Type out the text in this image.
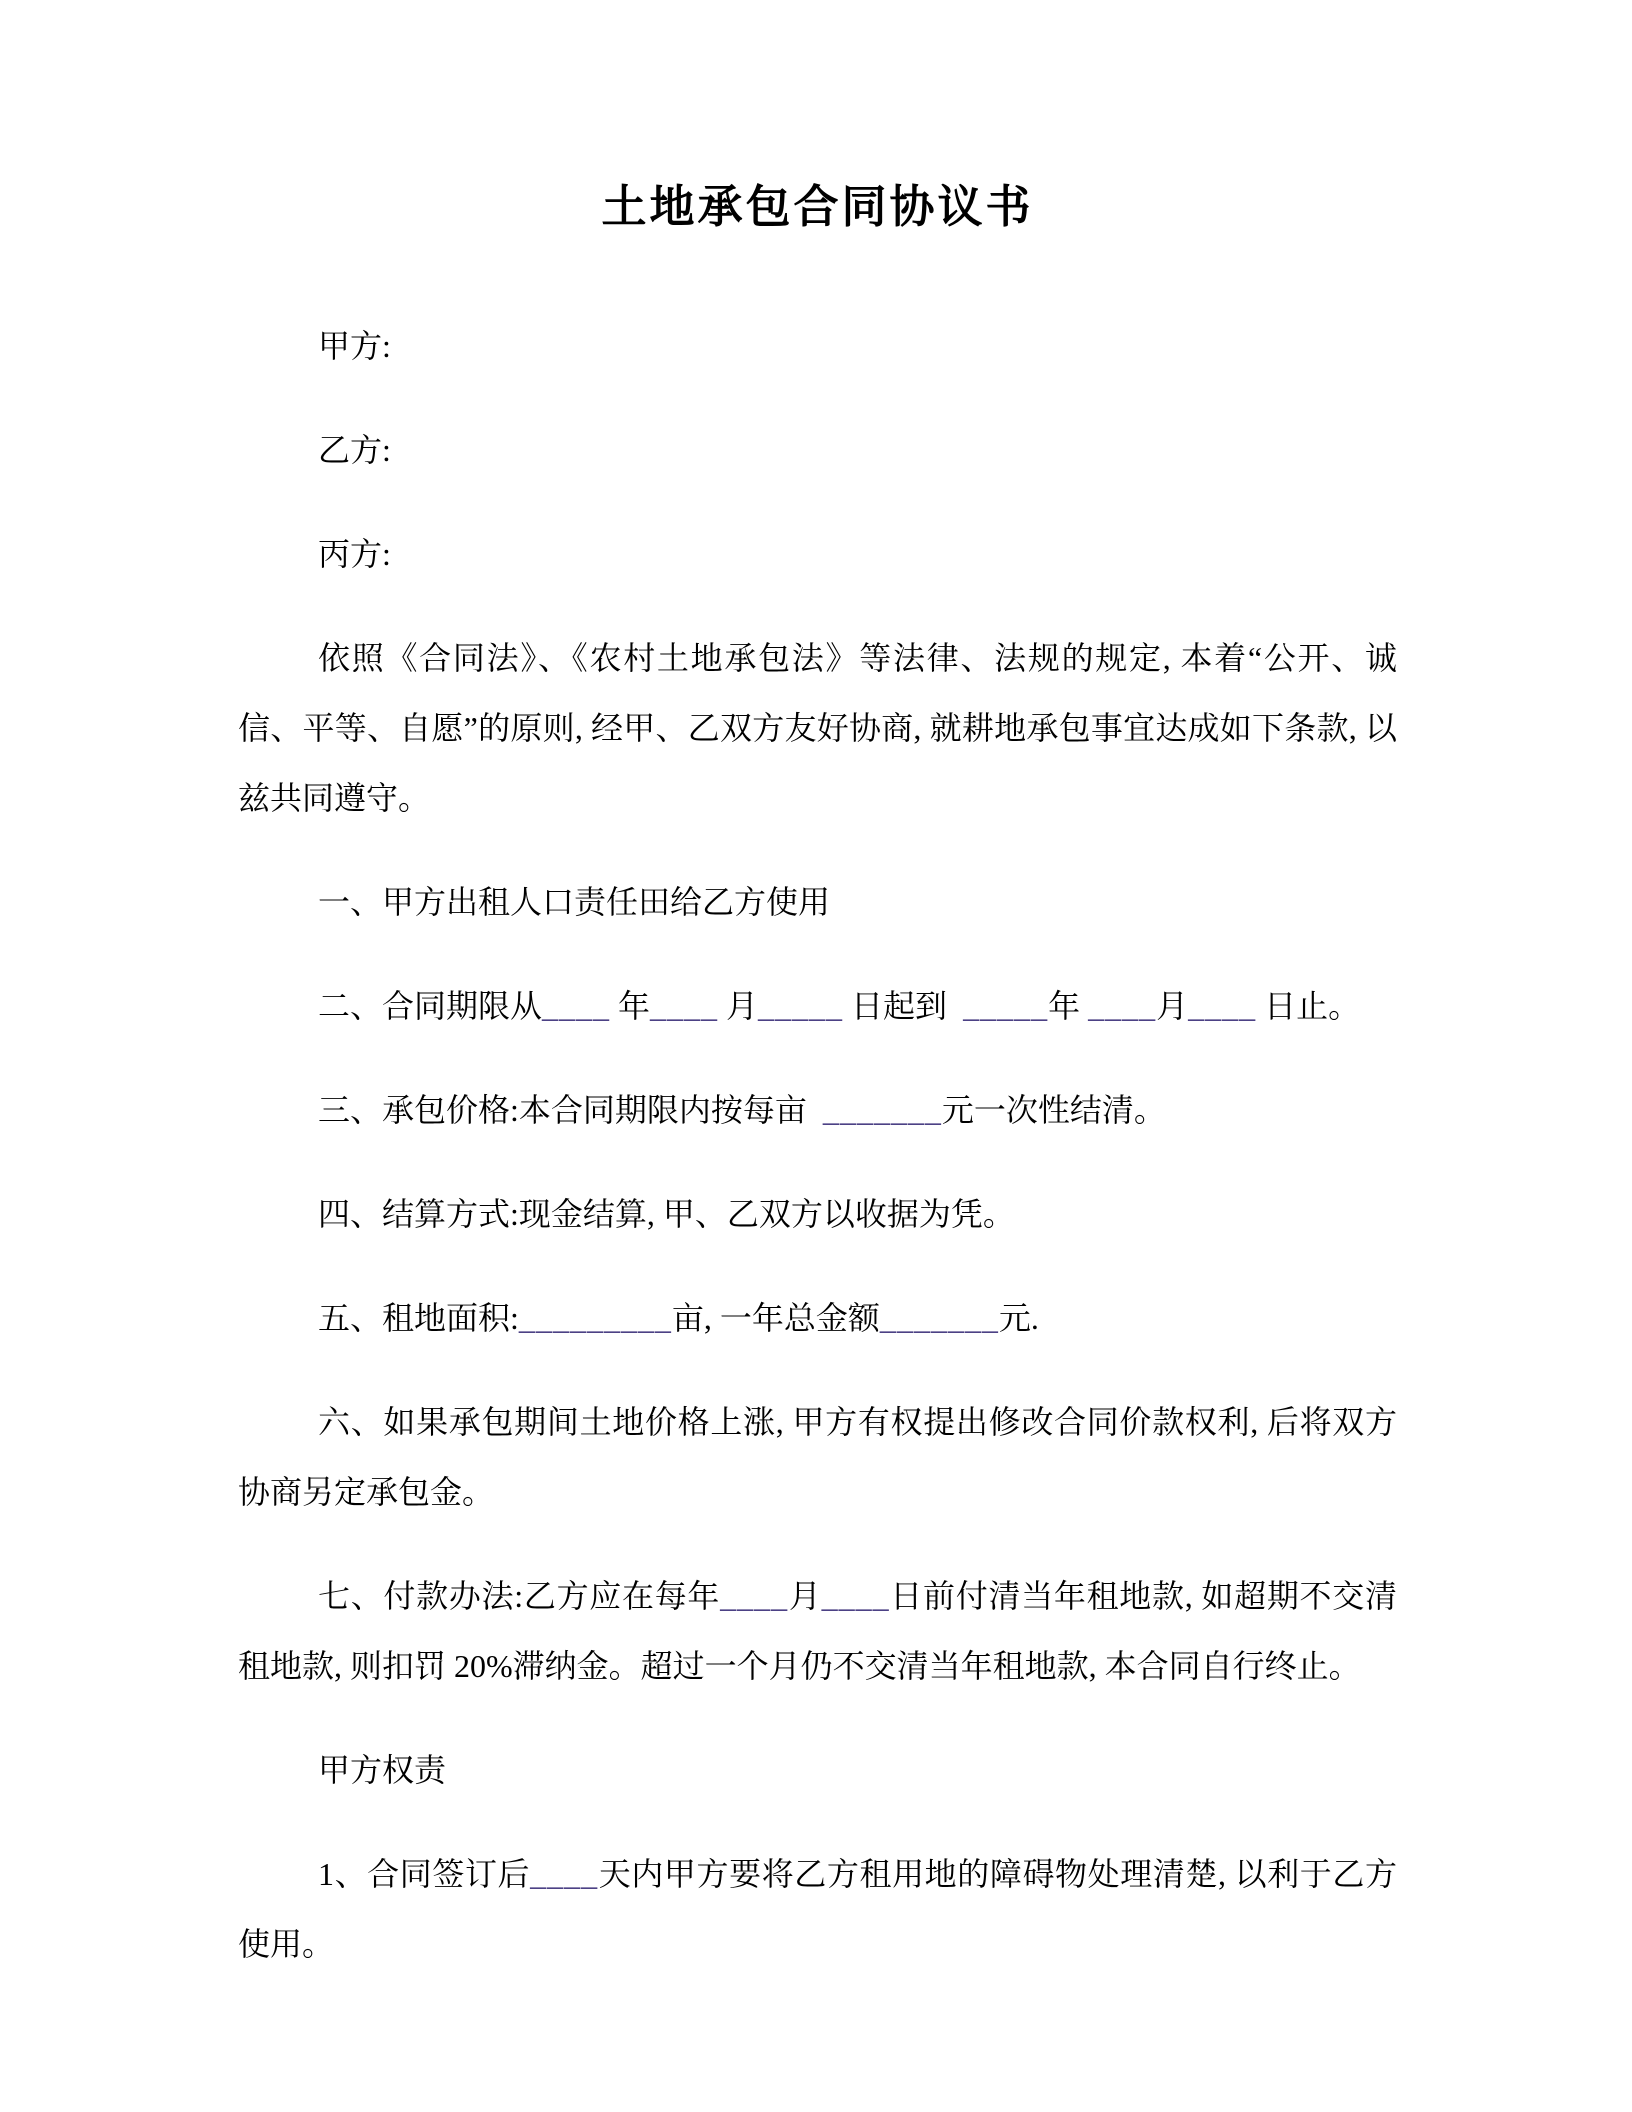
土地承包合同协议书

甲方:

乙方:

丙方:

依照《合同法》、《农村土地承包法》等法律、法规的规定, 本着“公开、诚信、平等、自愿”的原则, 经甲、乙双方友好协商, 就耕地承包事宜达成如下条款, 以兹共同遵守。

一、甲方出租人口责任田给乙方使用

二、合同期限从____ 年____ 月_____ 日起到  _____年 ____月____ 日止。

三、承包价格:本合同期限内按每亩  _______元一次性结清。

四、结算方式:现金结算, 甲、乙双方以收据为凭。

五、租地面积:_________亩, 一年总金额_______元.

六、如果承包期间土地价格上涨, 甲方有权提出修改合同价款权利, 后将双方协商另定承包金。

七、付款办法:乙方应在每年____月____日前付清当年租地款, 如超期不交清租地款, 则扣罚 20%滞纳金。超过一个月仍不交清当年租地款, 本合同自行终止。

甲方权责

1、合同签订后____天内甲方要将乙方租用地的障碍物处理清楚, 以利于乙方使用。
